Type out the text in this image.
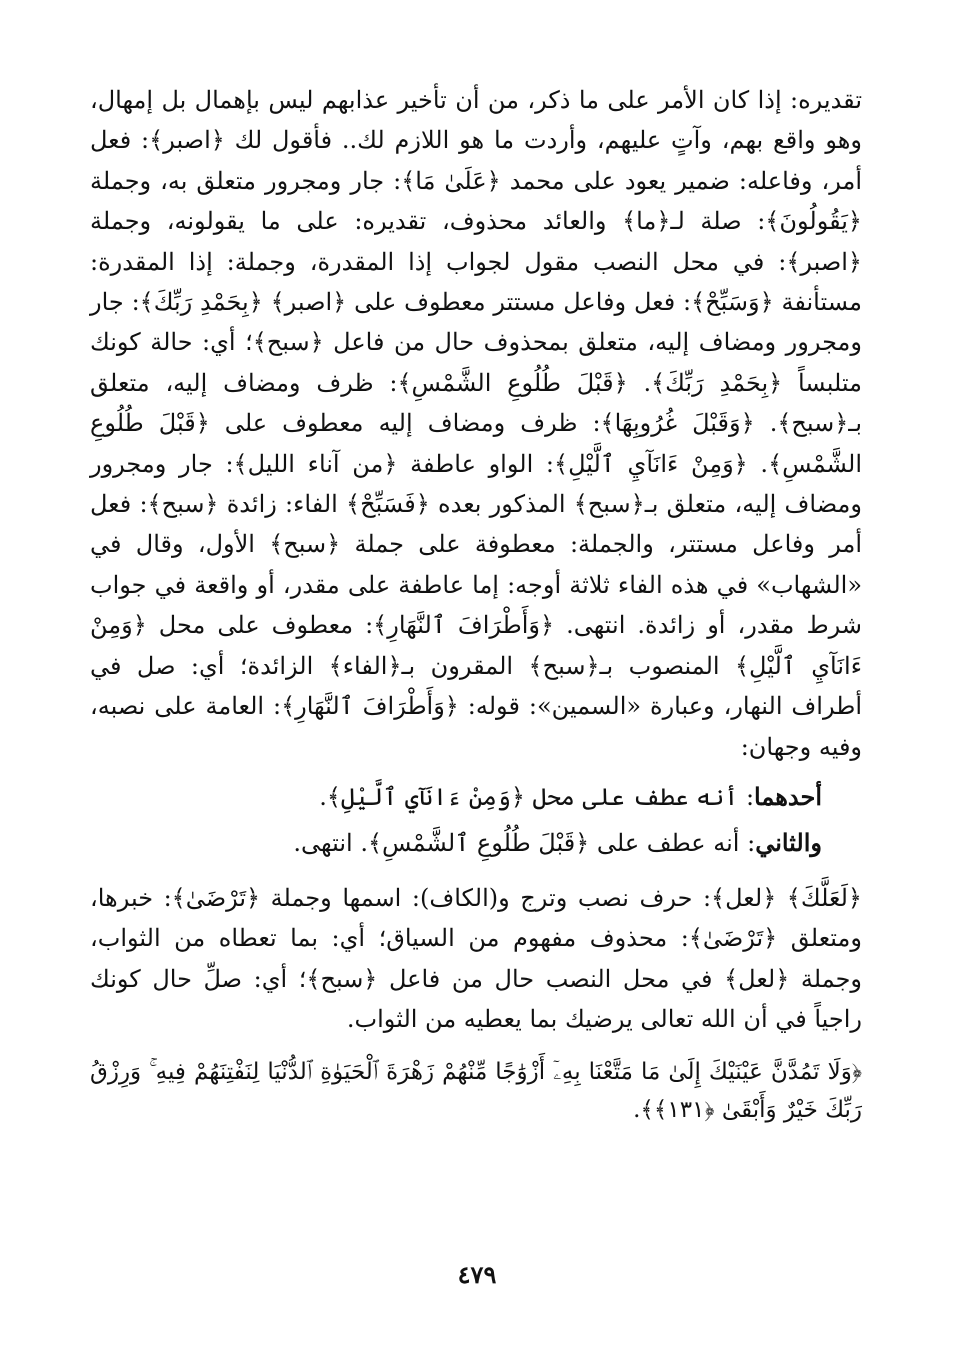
تقديره: إذا كان الأمر على ما ذكر، من أن تأخير عذابهم ليس بإهمال بل إمهال، وهو واقع بهم، وآتٍ عليهم، وأردت ما هو اللازم لك.. فأقول لك ﴿اصبر﴾: فعل أمر، وفاعله: ضمير يعود على محمد ﴿عَلَىٰ مَا﴾: جار ومجرور متعلق به، وجملة ﴿يَقُولُونَ﴾: صلة لـ﴿ما﴾ والعائد محذوف، تقديره: على ما يقولونه، وجملة ﴿اصبر﴾: في محل النصب مقول لجواب إذا المقدرة، وجملة: إذا المقدرة: مستأنفة ﴿وَسَبِّحْ﴾: فعل وفاعل مستتر معطوف على ﴿اصبر﴾ ﴿بِحَمْدِ رَبِّكَ﴾: جار ومجرور ومضاف إليه، متعلق بمحذوف حال من فاعل ﴿سبح﴾؛ أي: حالة كونك متلبساً ﴿بِحَمْدِ رَبِّكَ﴾. ﴿قَبْلَ طُلُوعِ الشَّمْسِ﴾: ظرف ومضاف إليه، متعلق بـ﴿سبح﴾. ﴿وَقَبْلَ غُرُوبِهَا﴾: ظرف ومضاف إليه معطوف على ﴿قَبْلَ طُلُوعِ الشَّمْسِ﴾. ﴿وَمِنْ ءَانَآيِ ٱلَّيْلِ﴾: الواو عاطفة ﴿من آناء الليل﴾: جار ومجرور ومضاف إليه، متعلق بـ﴿سبح﴾ المذكور بعده ﴿فَسَبِّحْ﴾ الفاء: زائدة ﴿سبح﴾: فعل أمر وفاعل مستتر، والجملة: معطوفة على جملة ﴿سبح﴾ الأول، وقال في «الشهاب» في هذه الفاء ثلاثة أوجه: إما عاطفة على مقدر، أو واقعة في جواب شرط مقدر، أو زائدة. انتهى. ﴿وَأَطْرَافَ ٱلنَّهَارِ﴾: معطوف على محل ﴿وَمِنْ ءَانَآيِ ٱلَّيْلِ﴾ المنصوب بـ﴿سبح﴾ المقرون بـ﴿الفاء﴾ الزائدة؛ أي: صل في أطراف النهار، وعبارة «السمين»: قوله: ﴿وَأَطْرَافَ ٱلنَّهَارِ﴾: العامة على نصبه، وفيه وجهان:

أحدهما: أنه عطف على محل ﴿وَمِنْ ءَانَآيِ ٱلَّيْلِ﴾.

والثاني: أنه عطف على ﴿قَبْلَ طُلُوعِ ٱلشَّمْسِ﴾. انتهى.

﴿لَعَلَّكَ﴾ ﴿لعل﴾: حرف نصب وترج و(الكاف): اسمها وجملة ﴿تَرْضَىٰ﴾: خبرها، ومتعلق ﴿تَرْضَىٰ﴾: محذوف مفهوم من السياق؛ أي: بما تعطاه من الثواب، وجملة ﴿لعل﴾ في محل النصب حال من فاعل ﴿سبح﴾؛ أي: صلِّ حال كونك راجياً في أن الله تعالى يرضيك بما يعطيه من الثواب.

﴿وَلَا تَمُدَّنَّ عَيْنَيْكَ إِلَىٰ مَا مَتَّعْنَا بِهِۦٓ أَزْوَٰجًا مِّنْهُمْ زَهْرَةَ ٱلْحَيَوٰةِ ٱلدُّنْيَا لِنَفْتِنَهُمْ فِيهِ ۚ وَرِزْقُ رَبِّكَ خَيْرٌ وَأَبْقَىٰ ﴿١٣١﴾﴾.

٤٧٩
